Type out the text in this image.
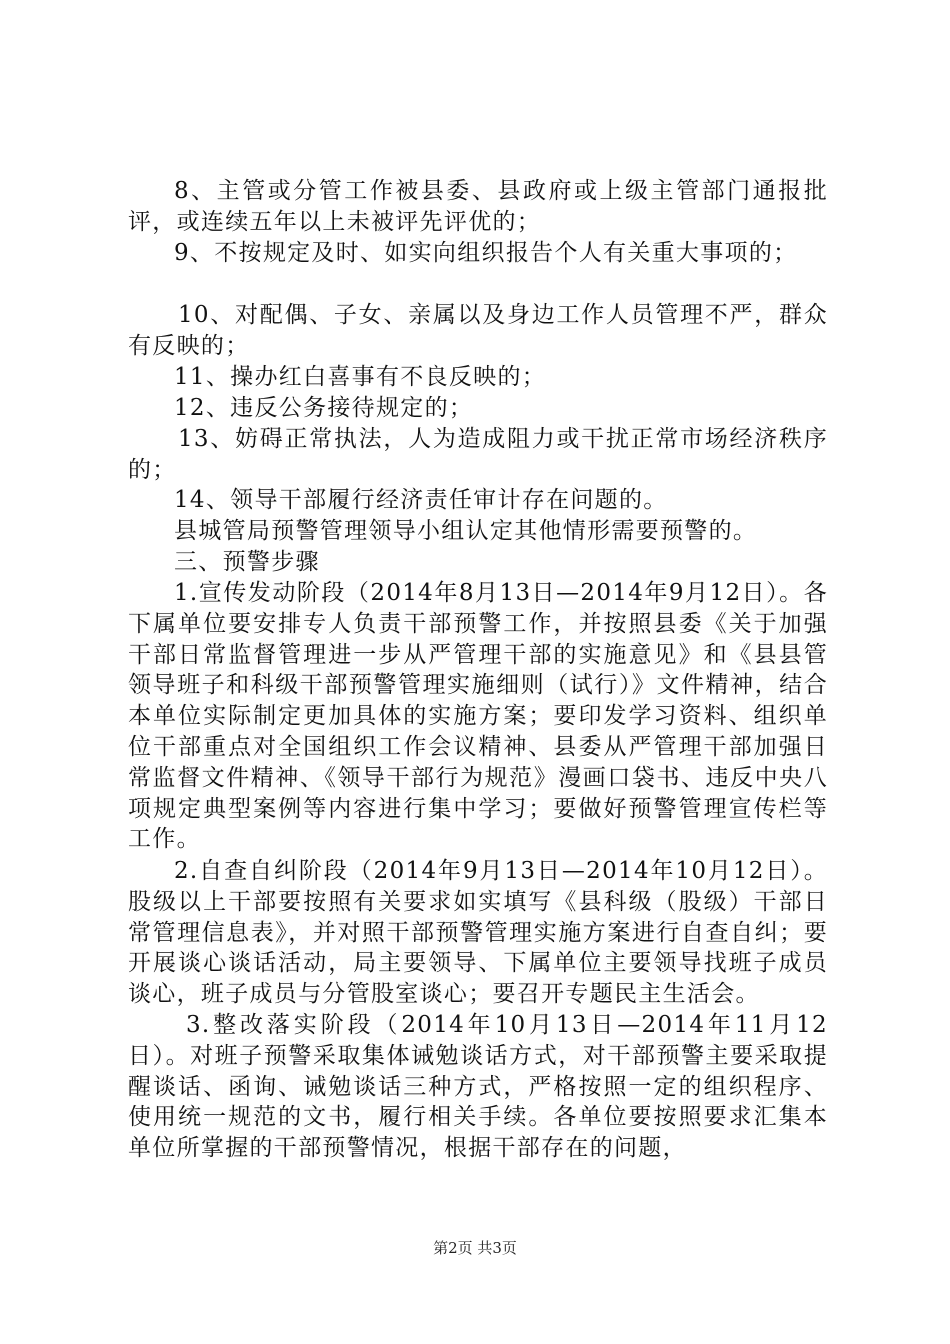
8、主管或分管工作被县委、县政府或上级主管部门通报批评，或连续五年以上未被评先评优的；

9、不按规定及时、如实向组织报告个人有关重大事项的；

10、对配偶、子女、亲属以及身边工作人员管理不严，群众有反映的；

11、操办红白喜事有不良反映的；

12、违反公务接待规定的；

13、妨碍正常执法，人为造成阻力或干扰正常市场经济秩序的；

14、领导干部履行经济责任审计存在问题的。

县城管局预警管理领导小组认定其他情形需要预警的。

三、预警步骤

1.宣传发动阶段（2014年8月13日—2014年9月12日）。各下属单位要安排专人负责干部预警工作，并按照县委《关于加强干部日常监督管理进一步从严管理干部的实施意见》和《县县管领导班子和科级干部预警管理实施细则（试行）》文件精神，结合本单位实际制定更加具体的实施方案；要印发学习资料、组织单位干部重点对全国组织工作会议精神、县委从严管理干部加强日常监督文件精神、《领导干部行为规范》漫画口袋书、违反中央八项规定典型案例等内容进行集中学习；要做好预警管理宣传栏等工作。

2.自查自纠阶段（2014年9月13日—2014年10月12日）。股级以上干部要按照有关要求如实填写《县科级（股级）干部日常管理信息表》，并对照干部预警管理实施方案进行自查自纠；要开展谈心谈话活动，局主要领导、下属单位主要领导找班子成员谈心，班子成员与分管股室谈心；要召开专题民主生活会。

3.整改落实阶段（2014年10月13日—2014年11月12日）。对班子预警采取集体诫勉谈话方式，对干部预警主要采取提醒谈话、函询、诫勉谈话三种方式，严格按照一定的组织程序、使用统一规范的文书，履行相关手续。各单位要按照要求汇集本单位所掌握的干部预警情况，根据干部存在的问题，

第2页 共3页
